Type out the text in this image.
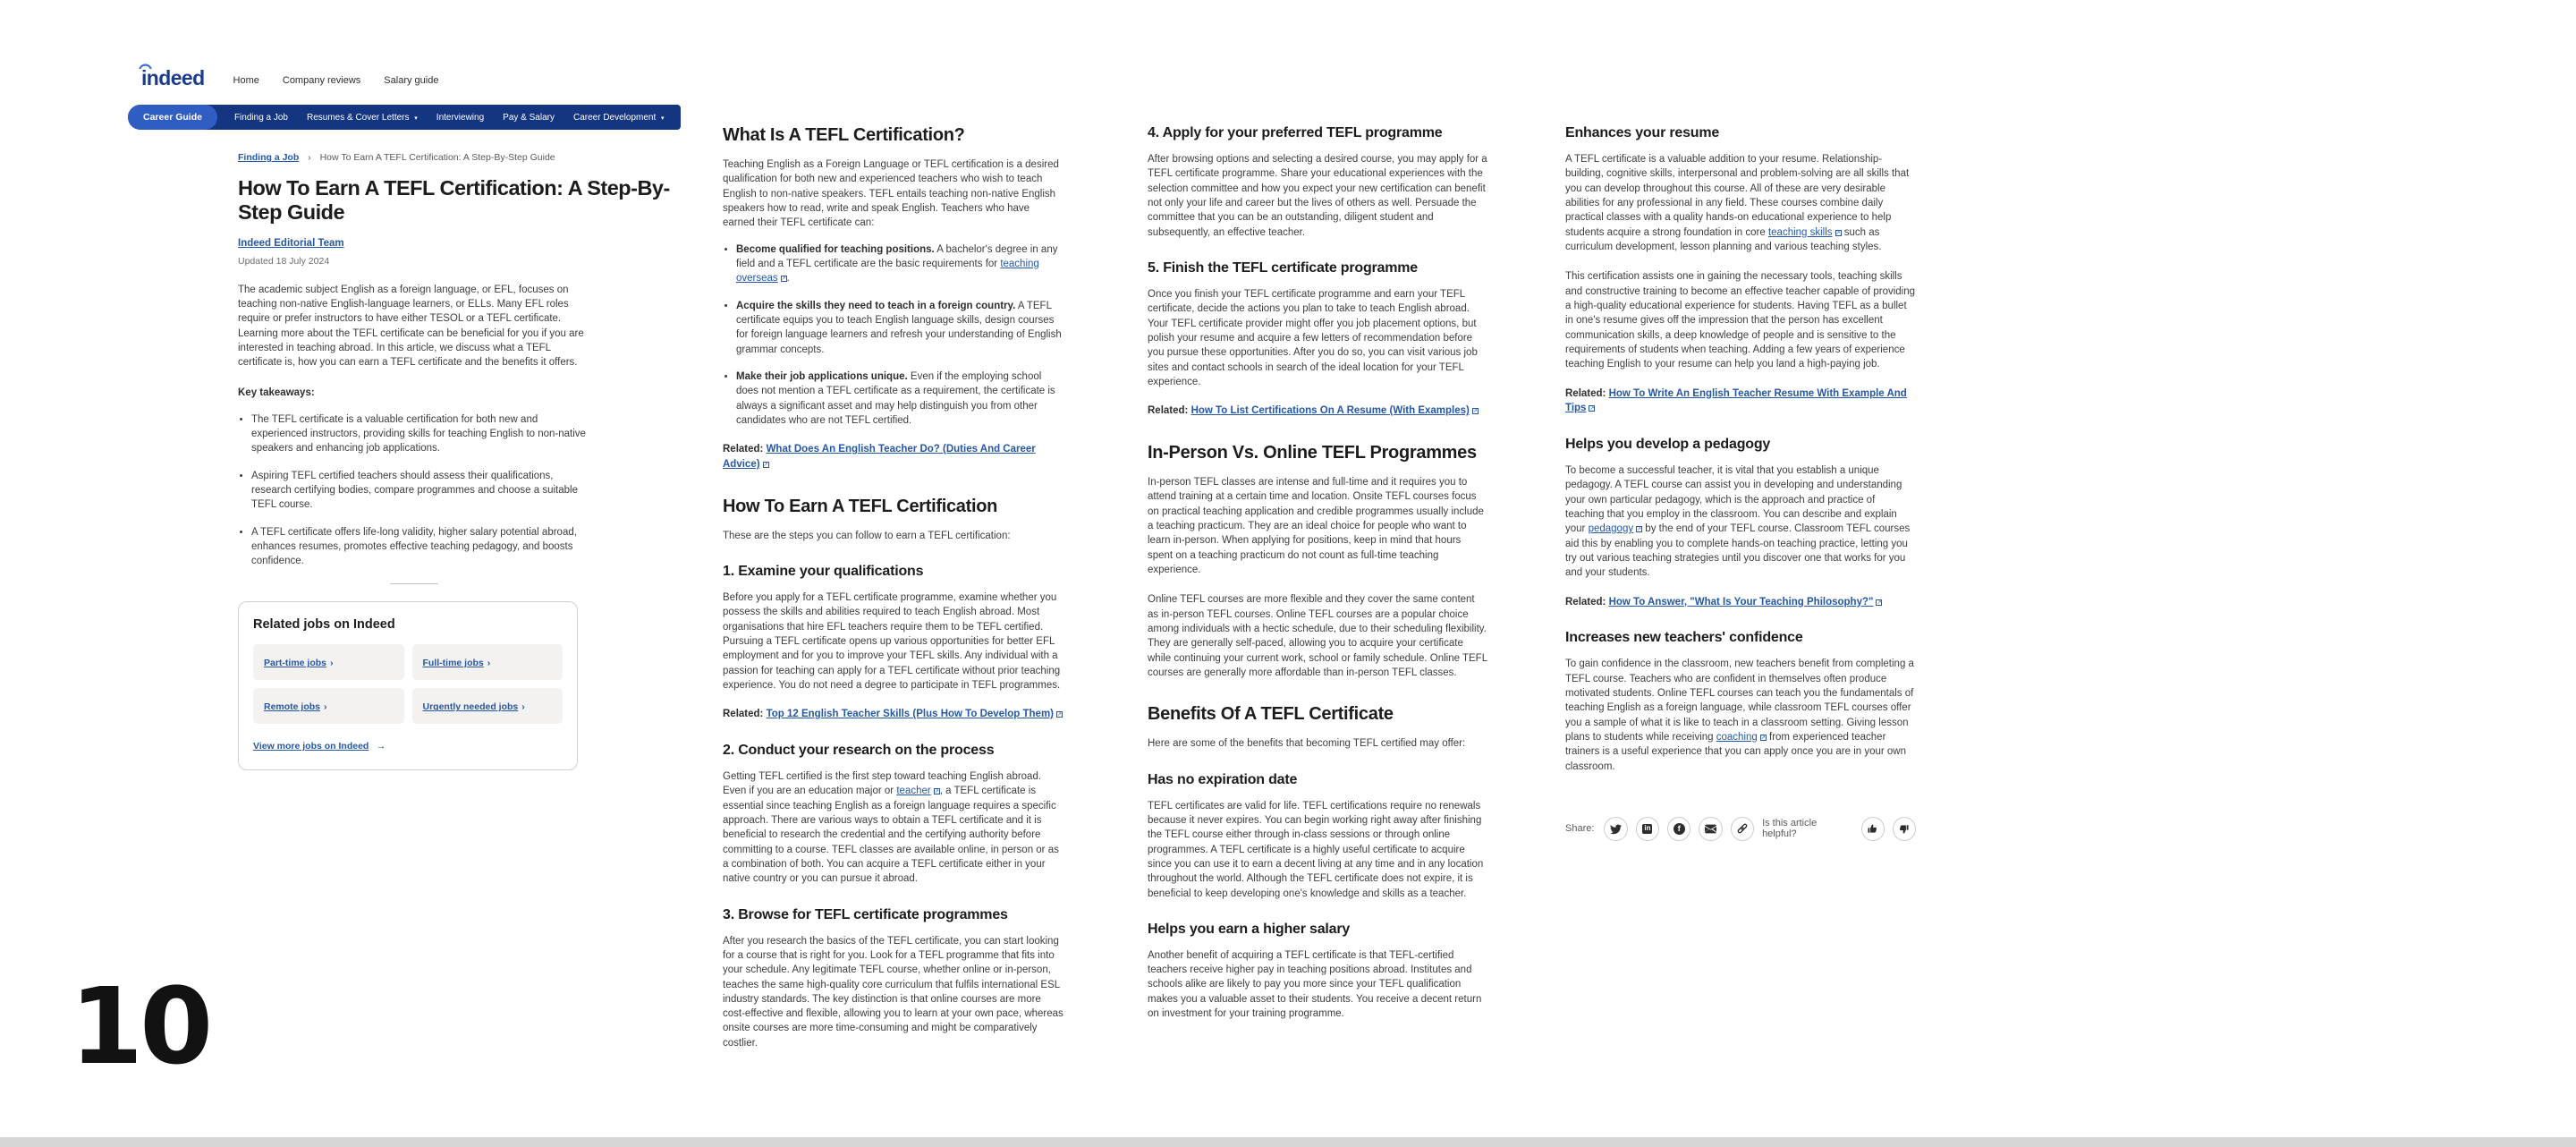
indeed	Home Company reviews Salary guide
Career Guide	Finding a Job Resumes & Cover Letters ▾ Interviewing Pay & Salary Career Development ▾
Finding a Job › How To Earn A TEFL Certification: A Step-By-Step Guide
How To Earn A TEFL Certification: A Step-By-Step Guide
Indeed Editorial Team
Updated 18 July 2024

The academic subject English as a foreign language, or EFL, focuses on teaching non-native English-language learners, or ELLs. Many EFL roles require or prefer instructors to have either TESOL or a TEFL certificate. Learning more about the TEFL certificate can be beneficial for you if you are interested in teaching abroad. In this article, we discuss what a TEFL certificate is, how you can earn a TEFL certificate and the benefits it offers.

Key takeaways:
• The TEFL certificate is a valuable certification for both new and experienced instructors, providing skills for teaching English to non-native speakers and enhancing job applications.
• Aspiring TEFL certified teachers should assess their qualifications, research certifying bodies, compare programmes and choose a suitable TEFL course.
• A TEFL certificate offers life-long validity, higher salary potential abroad, enhances resumes, promotes effective teaching pedagogy, and boosts confidence.
Related jobs on Indeed
Part-time jobs ›	Full-time jobs ›
Remote jobs ›	Urgently needed jobs ›
View more jobs on Indeed →
What Is A TEFL Certification?

Teaching English as a Foreign Language or TEFL certification is a desired qualification for both new and experienced teachers who wish to teach English to non-native speakers. TEFL entails teaching non-native English speakers how to read, write and speak English. Teachers who have earned their TEFL certificate can:

• Become qualified for teaching positions. A bachelor's degree in any field and a TEFL certificate are the basic requirements for teaching overseas ↗.
• Acquire the skills they need to teach in a foreign country. A TEFL certificate equips you to teach English language skills, design courses for foreign language learners and refresh your understanding of English grammar concepts.
• Make their job applications unique. Even if the employing school does not mention a TEFL certificate as a requirement, the certificate is always a significant asset and may help distinguish you from other candidates who are not TEFL certified.
Related: What Does An English Teacher Do? (Duties And Career Advice) ↗
How To Earn A TEFL Certification

These are the steps you can follow to earn a TEFL certification:

1. Examine your qualifications

Before you apply for a TEFL certificate programme, examine whether you possess the skills and abilities required to teach English abroad. Most organisations that hire EFL teachers require them to be TEFL certified. Pursuing a TEFL certificate opens up various opportunities for better EFL employment and for you to improve your TEFL skills. Any individual with a passion for teaching can apply for a TEFL certificate without prior teaching experience. You do not need a degree to participate in TEFL programmes.

Related: Top 12 English Teacher Skills (Plus How To Develop Them) ↗
2. Conduct your research on the process

Getting TEFL certified is the first step toward teaching English abroad. Even if you are an education major or teacher ↗, a TEFL certificate is essential since teaching English as a foreign language requires a specific approach. There are various ways to obtain a TEFL certificate and it is beneficial to research the credential and the certifying authority before committing to a course. TEFL classes are available online, in person or as a combination of both. You can acquire a TEFL certificate either in your native country or you can pursue it abroad.

3. Browse for TEFL certificate programmes

After you research the basics of the TEFL certificate, you can start looking for a course that is right for you. Look for a TEFL programme that fits into your schedule. Any legitimate TEFL course, whether online or in-person, teaches the same high-quality core curriculum that fulfils international ESL industry standards. The key distinction is that online courses are more cost-effective and flexible, allowing you to learn at your own pace, whereas onsite courses are more time-consuming and might be comparatively costlier.

4. Apply for your preferred TEFL programme

After browsing options and selecting a desired course, you may apply for a TEFL certificate programme. Share your educational experiences with the selection committee and how you expect your new certification can benefit not only your life and career but the lives of others as well. Persuade the committee that you can be an outstanding, diligent student and subsequently, an effective teacher.

5. Finish the TEFL certificate programme

Once you finish your TEFL certificate programme and earn your TEFL certificate, decide the actions you plan to take to teach English abroad. Your TEFL certificate provider might offer you job placement options, but polish your resume and acquire a few letters of recommendation before you pursue these opportunities. After you do so, you can visit various job sites and contact schools in search of the ideal location for your TEFL experience.

Related: How To List Certifications On A Resume (With Examples) ↗
In-Person Vs. Online TEFL Programmes

In-person TEFL classes are intense and full-time and it requires you to attend training at a certain time and location. Onsite TEFL courses focus on practical teaching application and credible programmes usually include a teaching practicum. They are an ideal choice for people who want to learn in-person. When applying for positions, keep in mind that hours spent on a teaching practicum do not count as full-time teaching experience.

Online TEFL courses are more flexible and they cover the same content as in-person TEFL courses. Online TEFL courses are a popular choice among individuals with a hectic schedule, due to their scheduling flexibility. They are generally self-paced, allowing you to acquire your certificate while continuing your current work, school or family schedule. Online TEFL courses are generally more affordable than in-person TEFL classes.

Benefits Of A TEFL Certificate

Here are some of the benefits that becoming TEFL certified may offer:

Has no expiration date

TEFL certificates are valid for life. TEFL certifications require no renewals because it never expires. You can begin working right away after finishing the TEFL course either through in-class sessions or through online programmes. A TEFL certificate is a highly useful certificate to acquire since you can use it to earn a decent living at any time and in any location throughout the world. Although the TEFL certificate does not expire, it is beneficial to keep developing one's knowledge and skills as a teacher.

Helps you earn a higher salary

Another benefit of acquiring a TEFL certificate is that TEFL-certified teachers receive higher pay in teaching positions abroad. Institutes and schools alike are likely to pay you more since your TEFL qualification makes you a valuable asset to their students. You receive a decent return on investment for your training programme.

Enhances your resume

A TEFL certificate is a valuable addition to your resume. Relationship-building, cognitive skills, interpersonal and problem-solving are all skills that you can develop throughout this course. All of these are very desirable abilities for any professional in any field. These courses combine daily practical classes with a quality hands-on educational experience to help students acquire a strong foundation in core teaching skills ↗ such as curriculum development, lesson planning and various teaching styles.

This certification assists one in gaining the necessary tools, teaching skills and constructive training to become an effective teacher capable of providing a high-quality educational experience for students. Having TEFL as a bullet in one's resume gives off the impression that the person has excellent communication skills, a deep knowledge of people and is sensitive to the requirements of students when teaching. Adding a few years of experience teaching English to your resume can help you land a high-paying job.

Related: How To Write An English Teacher Resume With Example And Tips ↗
Helps you develop a pedagogy

To become a successful teacher, it is vital that you establish a unique pedagogy. A TEFL course can assist you in developing and understanding your own particular pedagogy, which is the approach and practice of teaching that you employ in the classroom. You can describe and explain your pedagogy ↗ by the end of your TEFL course. Classroom TEFL courses aid this by enabling you to complete hands-on teaching practice, letting you try out various teaching strategies until you discover one that works for you and your students.

Related: How To Answer, "What Is Your Teaching Philosophy?" ↗
Increases new teachers' confidence

To gain confidence in the classroom, new teachers benefit from completing a TEFL course. Teachers who are confident in themselves often produce motivated students. Online TEFL courses can teach you the fundamentals of teaching English as a foreign language, while classroom TEFL courses offer you a sample of what it is like to teach in a classroom setting. Giving lesson plans to students while receiving coaching ↗ from experienced teacher trainers is a useful experience that you can apply once you are in your own classroom.

Share:	in	f	Is this article helpful?
10
